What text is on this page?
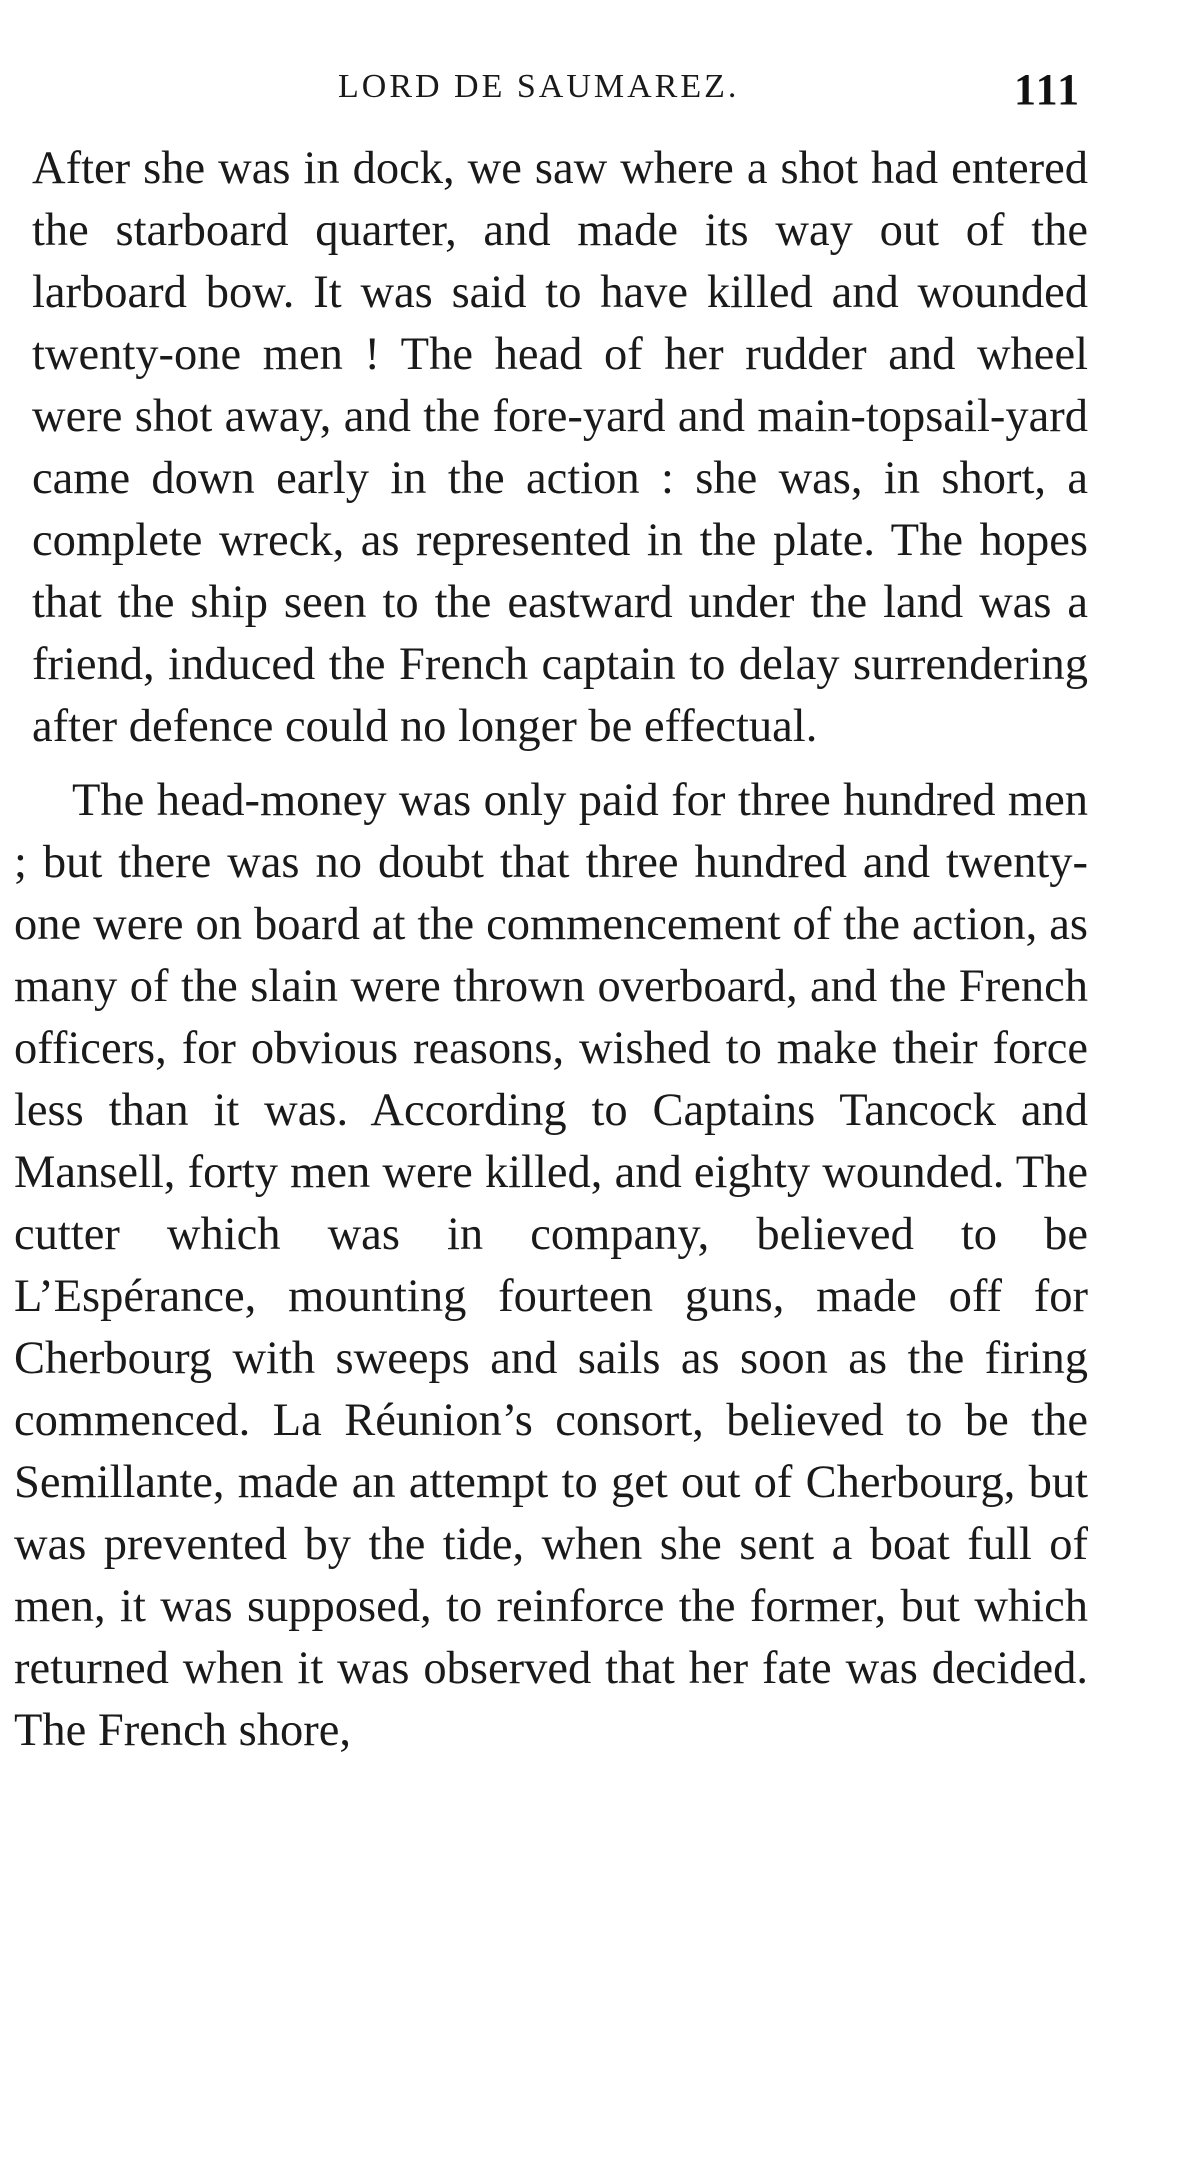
LORD DE SAUMAREZ.	111

After she was in dock, we saw where a shot had entered the starboard quarter, and made its way out of the larboard bow. It was said to have killed and wounded twenty-one men ! The head of her rudder and wheel were shot away, and the fore-yard and main-topsail-yard came down early in the action : she was, in short, a complete wreck, as represented in the plate. The hopes that the ship seen to the eastward under the land was a friend, induced the French captain to delay surrendering after defence could no longer be effectual.

The head-money was only paid for three hundred men ; but there was no doubt that three hundred and twenty-one were on board at the commencement of the action, as many of the slain were thrown overboard, and the French officers, for obvious reasons, wished to make their force less than it was. According to Captains Tancock and Mansell, forty men were killed, and eighty wounded. The cutter which was in company, believed to be L’Espérance, mounting fourteen guns, made off for Cherbourg with sweeps and sails as soon as the firing commenced. La Réunion’s consort, believed to be the Semillante, made an attempt to get out of Cherbourg, but was prevented by the tide, when she sent a boat full of men, it was supposed, to reinforce the former, but which returned when it was observed that her fate was decided. The French shore,
